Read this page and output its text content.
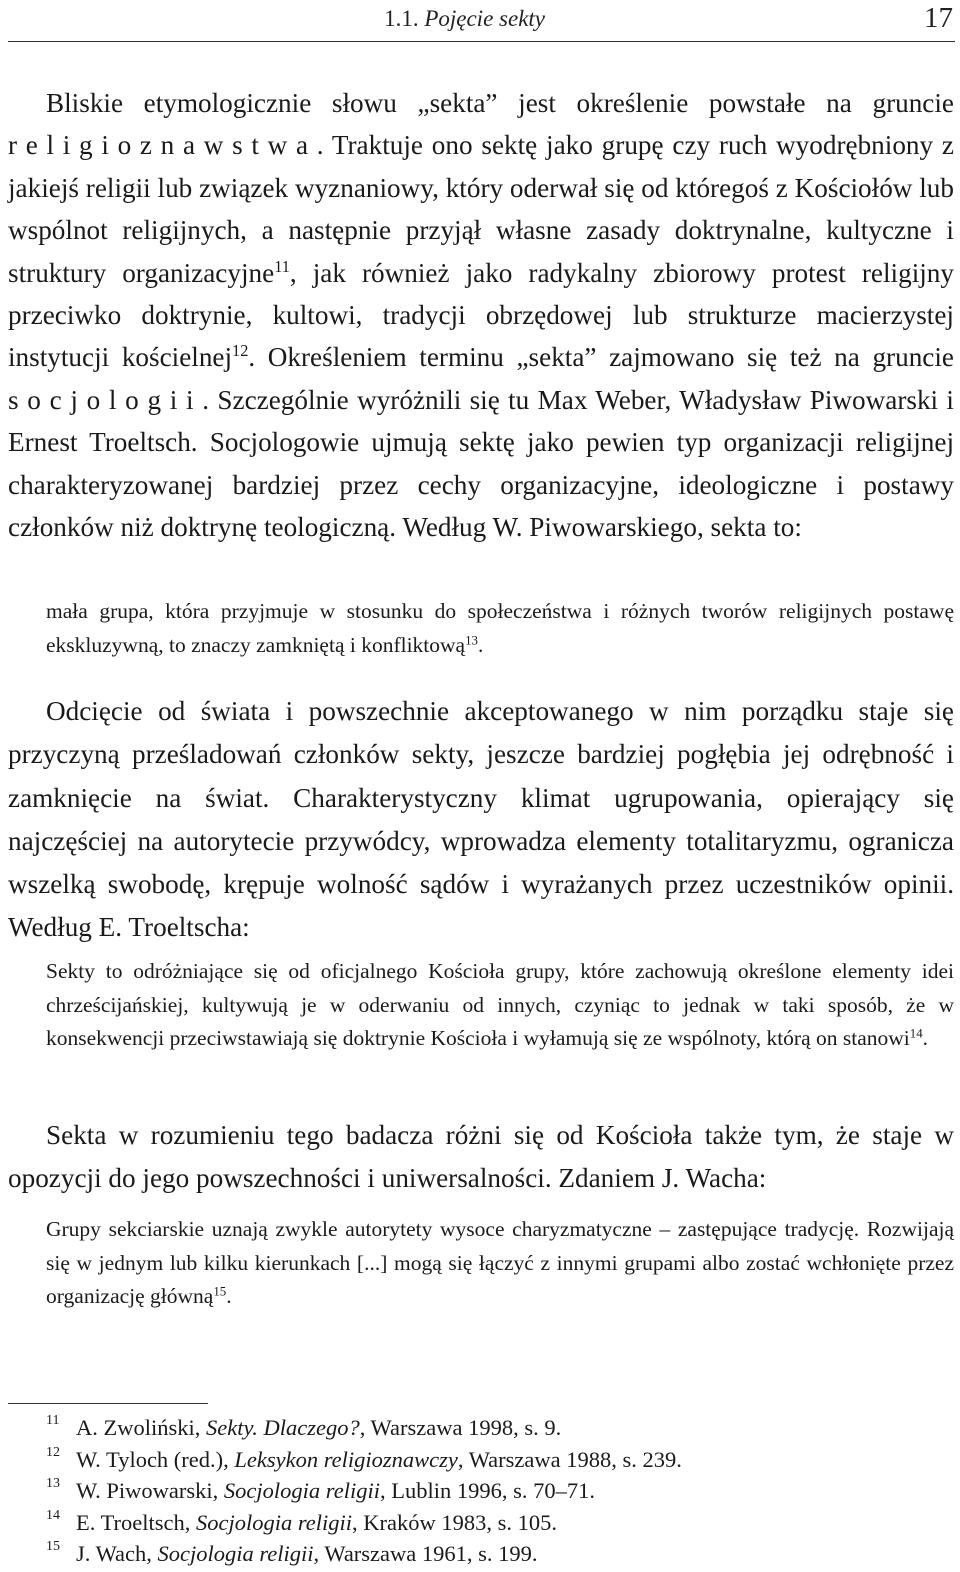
1.1. Pojęcie sekty	17

Bliskie etymologicznie słowu „sekta” jest określenie powstałe na gruncie religioznawstwa. Traktuje ono sektę jako grupę czy ruch wyodrębniony z jakiejś religii lub związek wyznaniowy, który oderwał się od któregoś z Kościołów lub wspólnot religijnych, a następnie przyjął własne zasady doktrynalne, kultyczne i struktury organizacyjne$^{11}$, jak również jako radykalny zbiorowy protest religijny przeciwko doktrynie, kultowi, tradycji obrzędowej lub strukturze macierzystej instytucji kościelnej$^{12}$. Określeniem terminu „sekta” zajmowano się też na gruncie socjologii. Szczególnie wyróżnili się tu Max Weber, Władysław Piwowarski i Ernest Troeltsch. Socjologowie ujmują sektę jako pewien typ organizacji religijnej charakteryzowanej bardziej przez cechy organizacyjne, ideologiczne i postawy członków niż doktrynę teologiczną. Według W. Piwowarskiego, sekta to:

mała grupa, która przyjmuje w stosunku do społeczeństwa i różnych tworów religijnych postawę ekskluzywną, to znaczy zamkniętą i konfliktową$^{13}$.

Odcięcie od świata i powszechnie akceptowanego w nim porządku staje się przyczyną prześladowań członków sekty, jeszcze bardziej pogłębia jej odrębność i zamknięcie na świat. Charakterystyczny klimat ugrupowania, opierający się najczęściej na autorytecie przywódcy, wprowadza elementy totalitaryzmu, ogranicza wszelką swobodę, krępuje wolność sądów i wyrażanych przez uczestników opinii. Według E. Troeltscha:

Sekty to odróżniające się od oficjalnego Kościoła grupy, które zachowują określone elementy idei chrześcijańskiej, kultywują je w oderwaniu od innych, czyniąc to jednak w taki sposób, że w konsekwencji przeciwstawiają się doktrynie Kościoła i wyłamują się ze wspólnoty, którą on stanowi$^{14}$.

Sekta w rozumieniu tego badacza różni się od Kościoła także tym, że staje w opozycji do jego powszechności i uniwersalności. Zdaniem J. Wacha:

Grupy sekciarskie uznają zwykle autorytety wysoce charyzmatyczne – zastępujące tradycję. Rozwijają się w jednym lub kilku kierunkach [...] mogą się łączyć z innymi grupami albo zostać wchłonięte przez organizację główną$^{15}$.

11 A. Zwoliński, Sekty. Dlaczego?, Warszawa 1998, s. 9.
12 W. Tyloch (red.), Leksykon religioznawczy, Warszawa 1988, s. 239.
13 W. Piwowarski, Socjologia religii, Lublin 1996, s. 70–71.
14 E. Troeltsch, Socjologia religii, Kraków 1983, s. 105.
15 J. Wach, Socjologia religii, Warszawa 1961, s. 199.
